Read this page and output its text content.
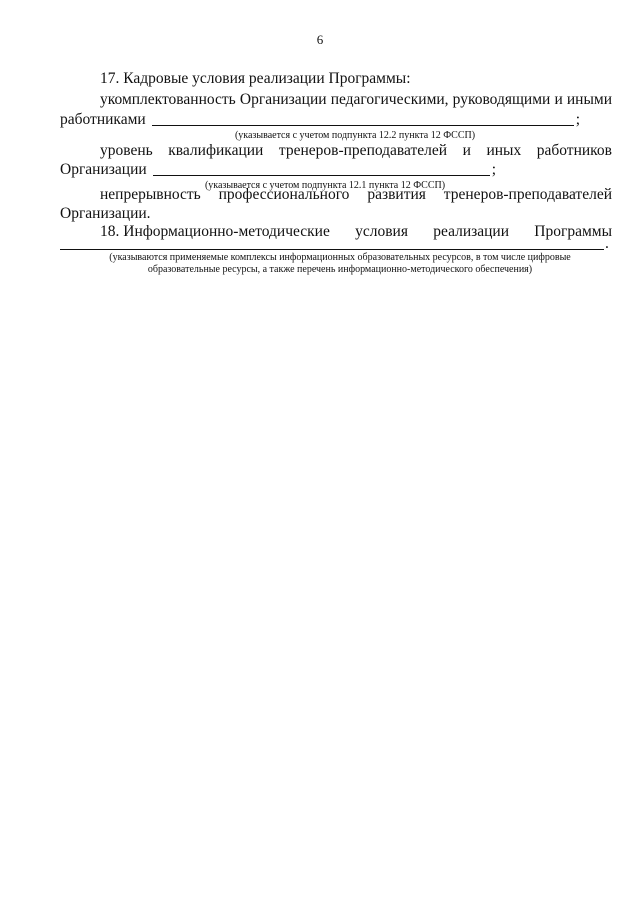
6
17. Кадровые условия реализации Программы:
укомплектованность Организации педагогическими, руководящими и иными
работниками	;
(указывается с учетом подпункта 12.2 пункта 12 ФССП)
уровень квалификации тренеров-преподавателей и иных работников
Организации	;
(указывается с учетом подпункта 12.1 пункта 12 ФССП)
непрерывность профессионального развития тренеров-преподавателей
Организации.
18. Информационно-методические условия реализации Программы
.
(указываются применяемые комплексы информационных образовательных ресурсов, в том числе цифровые
образовательные ресурсы, а также перечень информационно-методического обеспечения)
